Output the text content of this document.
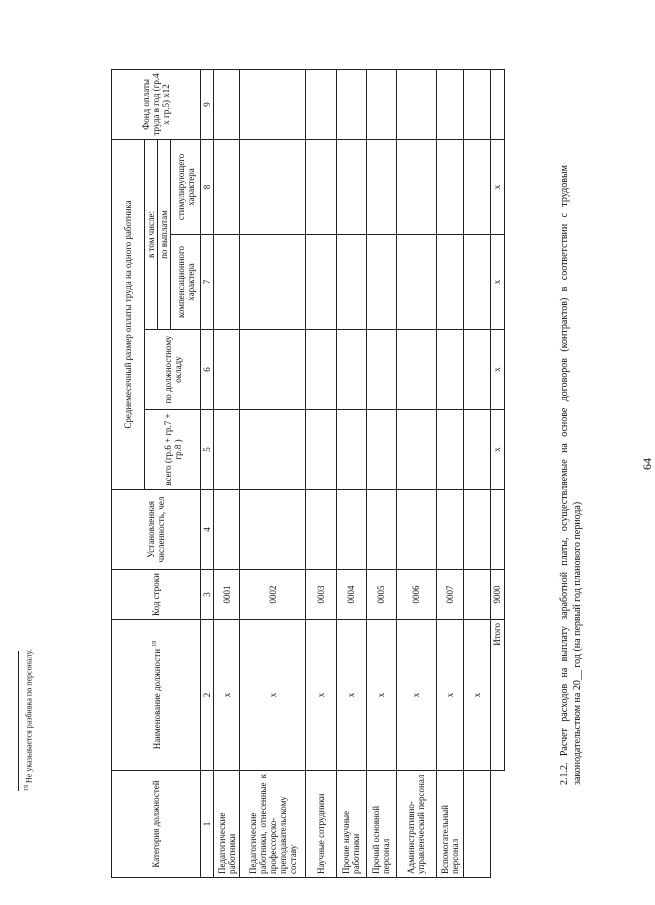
64
2.1.2. Расчет расходов на выплату заработной платы, осуществляемые на основе договоров (контрактов) в соответствии с трудовым законодательством на 20__ год (на первый год планового периода)
Категория должностей	Наименование должности $^{19}$	Код строки	Установленная численность, чел	Среднемесячный размер оплаты труда на одного работника				Фонд оплаты труда в год (гр.4 х гр.5) х12
				всего (гр.6 + гр.7 + гр.8 )	по должностному окладу	в том числе:		
						по выплатам		
						компенсационного характера	стимулирующего характера	
1	2	3	4	5	6	7	8	9
Педагогические работники	х	0001						
Педагогические работники, отнесенные к профессорско-преподавательскому составу	х	0002						
Научные сотрудники	х	0003						
Прочие научные работники	х	0004						
Прочий основной персонал	х	0005						
Административно-управленческий персонал	х	0006						
Вспомогательный персонал	х	0007						
	х							
	Итого	9000		х	х	х	х	
$^{19}$ Не указывается разбивка по персоналу.
